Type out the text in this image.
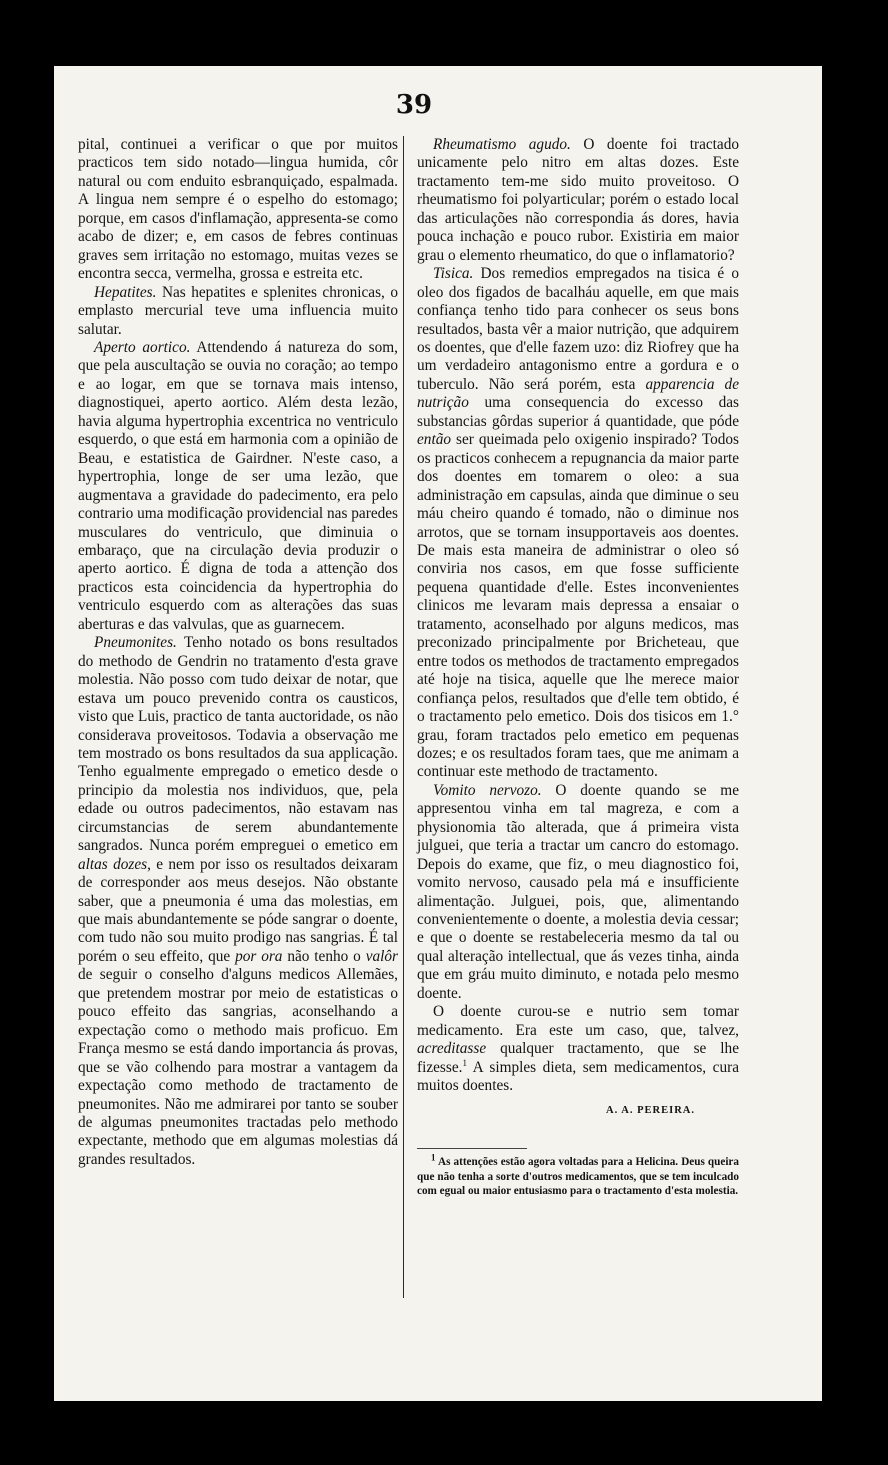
39

pital, continuei a verificar o que por muitos practicos tem sido notado—lingua humida, côr natural ou com enduito esbranquiçado, espalmada. A lingua nem sempre é o espelho do estomago; porque, em casos d'inflamação, appresenta-se como acabo de dizer; e, em casos de febres continuas graves sem irritação no estomago, muitas vezes se encontra secca, vermelha, grossa e estreita etc.

Hepatites. Nas hepatites e splenites chronicas, o emplasto mercurial teve uma influencia muito salutar.

Aperto aortico. Attendendo á natureza do som, que pela auscultação se ouvia no coração; ao tempo e ao logar, em que se tornava mais intenso, diagnostiquei, aperto aortico. Além desta lezão, havia alguma hypertrophia excentrica no ventriculo esquerdo, o que está em harmonia com a opinião de Beau, e estatistica de Gairdner. N'este caso, a hypertrophia, longe de ser uma lezão, que augmentava a gravidade do padecimento, era pelo contrario uma modificação providencial nas paredes musculares do ventriculo, que diminuia o embaraço, que na circulação devia produzir o aperto aortico. É digna de toda a attenção dos practicos esta coincidencia da hypertrophia do ventriculo esquerdo com as alterações das suas aberturas e das valvulas, que as guarnecem.

Pneumonites. Tenho notado os bons resultados do methodo de Gendrin no tratamento d'esta grave molestia. Não posso com tudo deixar de notar, que estava um pouco prevenido contra os causticos, visto que Luis, practico de tanta auctoridade, os não considerava proveitosos. Todavia a observação me tem mostrado os bons resultados da sua applicação. Tenho egualmente empregado o emetico desde o principio da molestia nos individuos, que, pela edade ou outros padecimentos, não estavam nas circumstancias de serem abundantemente sangrados. Nunca porém empreguei o emetico em altas dozes, e nem por isso os resultados deixaram de corresponder aos meus desejos. Não obstante saber, que a pneumonia é uma das molestias, em que mais abundantemente se póde sangrar o doente, com tudo não sou muito prodigo nas sangrias. É tal porém o seu effeito, que por ora não tenho o valôr de seguir o conselho d'alguns medicos Allemães, que pretendem mostrar por meio de estatisticas o pouco effeito das sangrias, aconselhando a expectação como o methodo mais proficuo. Em França mesmo se está dando importancia ás provas, que se vão colhendo para mostrar a vantagem da expectação como methodo de tractamento de pneumonites. Não me admirarei por tanto se souber de algumas pneumonites tractadas pelo methodo expectante, methodo que em algumas molestias dá grandes resultados.

Rheumatismo agudo. O doente foi tractado unicamente pelo nitro em altas dozes. Este tractamento tem-me sido muito proveitoso. O rheumatismo foi polyarticular; porém o estado local das articulações não correspondia ás dores, havia pouca inchação e pouco rubor. Existiria em maior grau o elemento rheumatico, do que o inflamatorio?

Tisica. Dos remedios empregados na tisica é o oleo dos figados de bacalháu aquelle, em que mais confiança tenho tido para conhecer os seus bons resultados, basta vêr a maior nutrição, que adquirem os doentes, que d'elle fazem uzo: diz Riofrey que ha um verdadeiro antagonismo entre a gordura e o tuberculo. Não será porém, esta apparencia de nutrição uma consequencia do excesso das substancias gôrdas superior á quantidade, que póde então ser queimada pelo oxigenio inspirado? Todos os practicos conhecem a repugnancia da maior parte dos doentes em tomarem o oleo: a sua administração em capsulas, ainda que diminue o seu máu cheiro quando é tomado, não o diminue nos arrotos, que se tornam insupportaveis aos doentes. De mais esta maneira de administrar o oleo só conviria nos casos, em que fosse sufficiente pequena quantidade d'elle. Estes inconvenientes clinicos me levaram mais depressa a ensaiar o tratamento, aconselhado por alguns medicos, mas preconizado principalmente por Bricheteau, que entre todos os methodos de tractamento empregados até hoje na tisica, aquelle que lhe merece maior confiança pelos, resultados que d'elle tem obtido, é o tractamento pelo emetico. Dois dos tisicos em 1.° grau, foram tractados pelo emetico em pequenas dozes; e os resultados foram taes, que me animam a continuar este methodo de tractamento.

Vomito nervozo. O doente quando se me appresentou vinha em tal magreza, e com a physionomia tão alterada, que á primeira vista julguei, que teria a tractar um cancro do estomago. Depois do exame, que fiz, o meu diagnostico foi, vomito nervoso, causado pela má e insufficiente alimentação. Julguei, pois, que, alimentando convenientemente o doente, a molestia devia cessar; e que o doente se restabeleceria mesmo da tal ou qual alteração intellectual, que ás vezes tinha, ainda que em gráu muito diminuto, e notada pelo mesmo doente.

O doente curou-se e nutrio sem tomar medicamento. Era este um caso, que, talvez, acreditasse qualquer tractamento, que se lhe fizesse.$^1$ A simples dieta, sem medicamentos, cura muitos doentes.

A. A. PEREIRA.

$^1$ As attenções estão agora voltadas para a Helicina. Deus queira que não tenha a sorte d'outros medicamentos, que se tem inculcado com egual ou maior entusiasmo para o tractamento d'esta molestia.
